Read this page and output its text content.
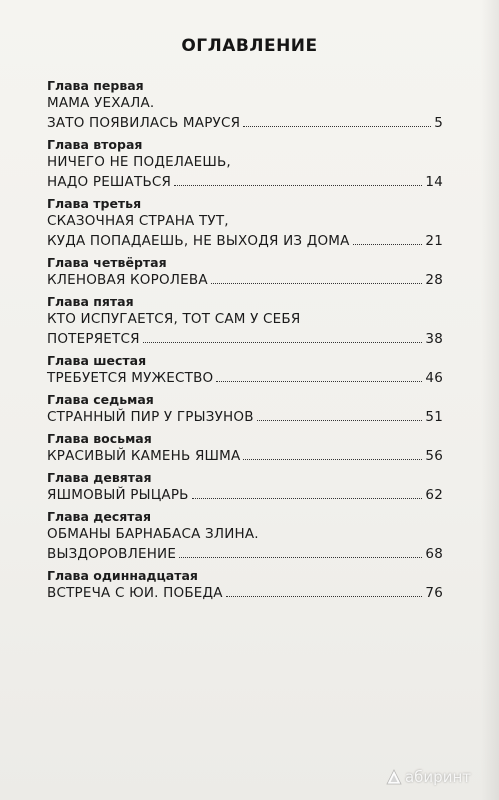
ОГЛАВЛЕНИЕ
Глава первая
МАМА УЕХАЛА.
ЗАТО ПОЯВИЛАСЬ МАРУСЯ	5
Глава вторая
НИЧЕГО НЕ ПОДЕЛАЕШЬ,
НАДО РЕШАТЬСЯ	14
Глава третья
СКАЗОЧНАЯ СТРАНА ТУТ,
КУДА ПОПАДАЕШЬ, НЕ ВЫХОДЯ ИЗ ДОМА	21
Глава четвёртая
КЛЕНОВАЯ КОРОЛЕВА	28
Глава пятая
КТО ИСПУГАЕТСЯ, ТОТ САМ У СЕБЯ
ПОТЕРЯЕТСЯ	38
Глава шестая
ТРЕБУЕТСЯ МУЖЕСТВО	46
Глава седьмая
СТРАННЫЙ ПИР У ГРЫЗУНОВ	51
Глава восьмая
КРАСИВЫЙ КАМЕНЬ ЯШМА	56
Глава девятая
ЯШМОВЫЙ РЫЦАРЬ	62
Глава десятая
ОБМАНЫ БАРНАБАСА ЗЛИНА.
ВЫЗДОРОВЛЕНИЕ	68
Глава одиннадцатая
ВСТРЕЧА С ЮИ. ПОБЕДА	76
абиринт
